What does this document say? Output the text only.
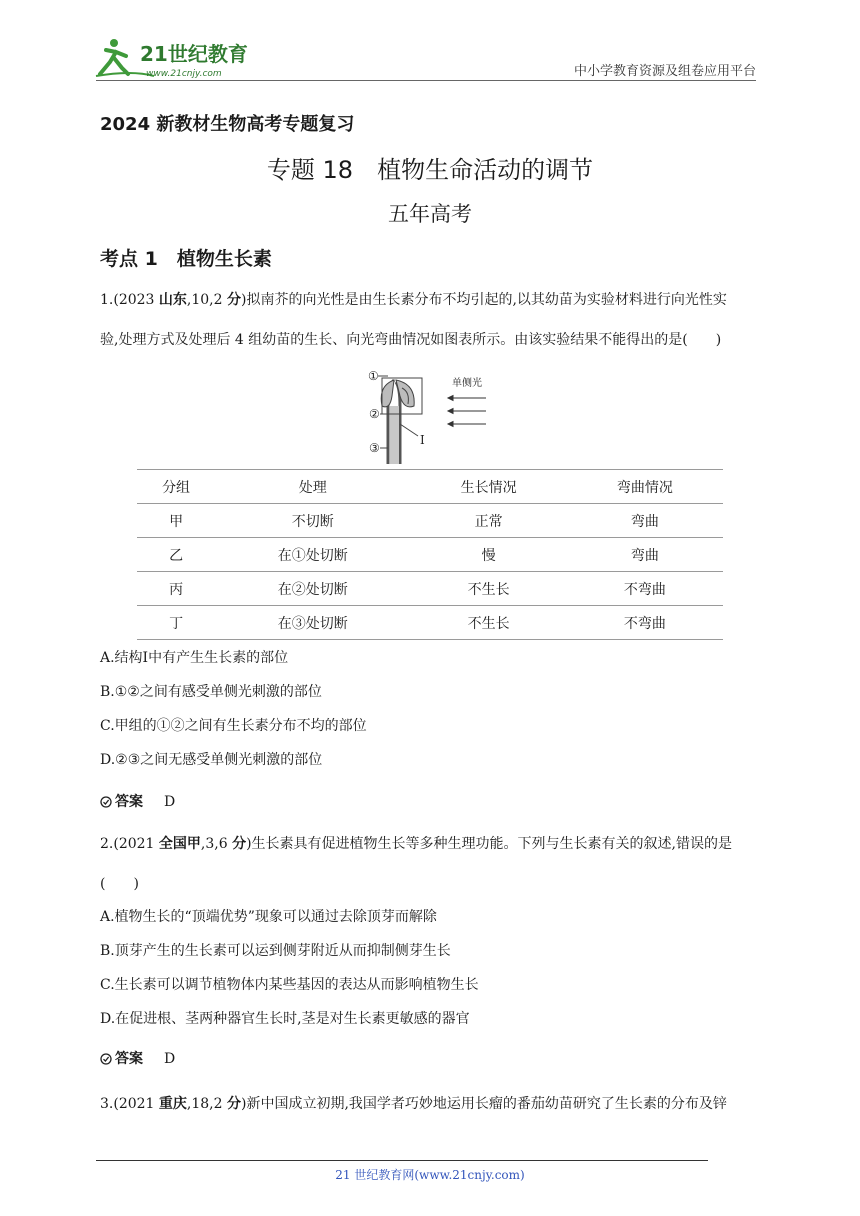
21世纪教育
www.21cnjy.com	中小学教育资源及组卷应用平台
2024 新教材生物高考专题复习
专题 18　植物生命活动的调节
五年高考
考点 1　植物生长素
1.(2023 山东,10,2 分)拟南芥的向光性是由生长素分布不均引起的,以其幼苗为实验材料进行向光性实
验,处理方式及处理后 4 组幼苗的生长、向光弯曲情况如图表所示。由该实验结果不能得出的是(　　)
①
②
③
I
单侧光
分组	处理	生长情况	弯曲情况
甲	不切断	正常	弯曲
乙	在①处切断	慢	弯曲
丙	在②处切断	不生长	不弯曲
丁	在③处切断	不生长	不弯曲
A.结构Ⅰ中有产生生长素的部位
B.①②之间有感受单侧光刺激的部位
C.甲组的①②之间有生长素分布不均的部位
D.②③之间无感受单侧光刺激的部位
答案 D
2.(2021 全国甲,3,6 分)生长素具有促进植物生长等多种生理功能。下列与生长素有关的叙述,错误的是
(　　)
A.植物生长的“顶端优势”现象可以通过去除顶芽而解除
B.顶芽产生的生长素可以运到侧芽附近从而抑制侧芽生长
C.生长素可以调节植物体内某些基因的表达从而影响植物生长
D.在促进根、茎两种器官生长时,茎是对生长素更敏感的器官
答案 D
3.(2021 重庆,18,2 分)新中国成立初期,我国学者巧妙地运用长瘤的番茄幼苗研究了生长素的分布及锌
21 世纪教育网(www.21cnjy.com)
